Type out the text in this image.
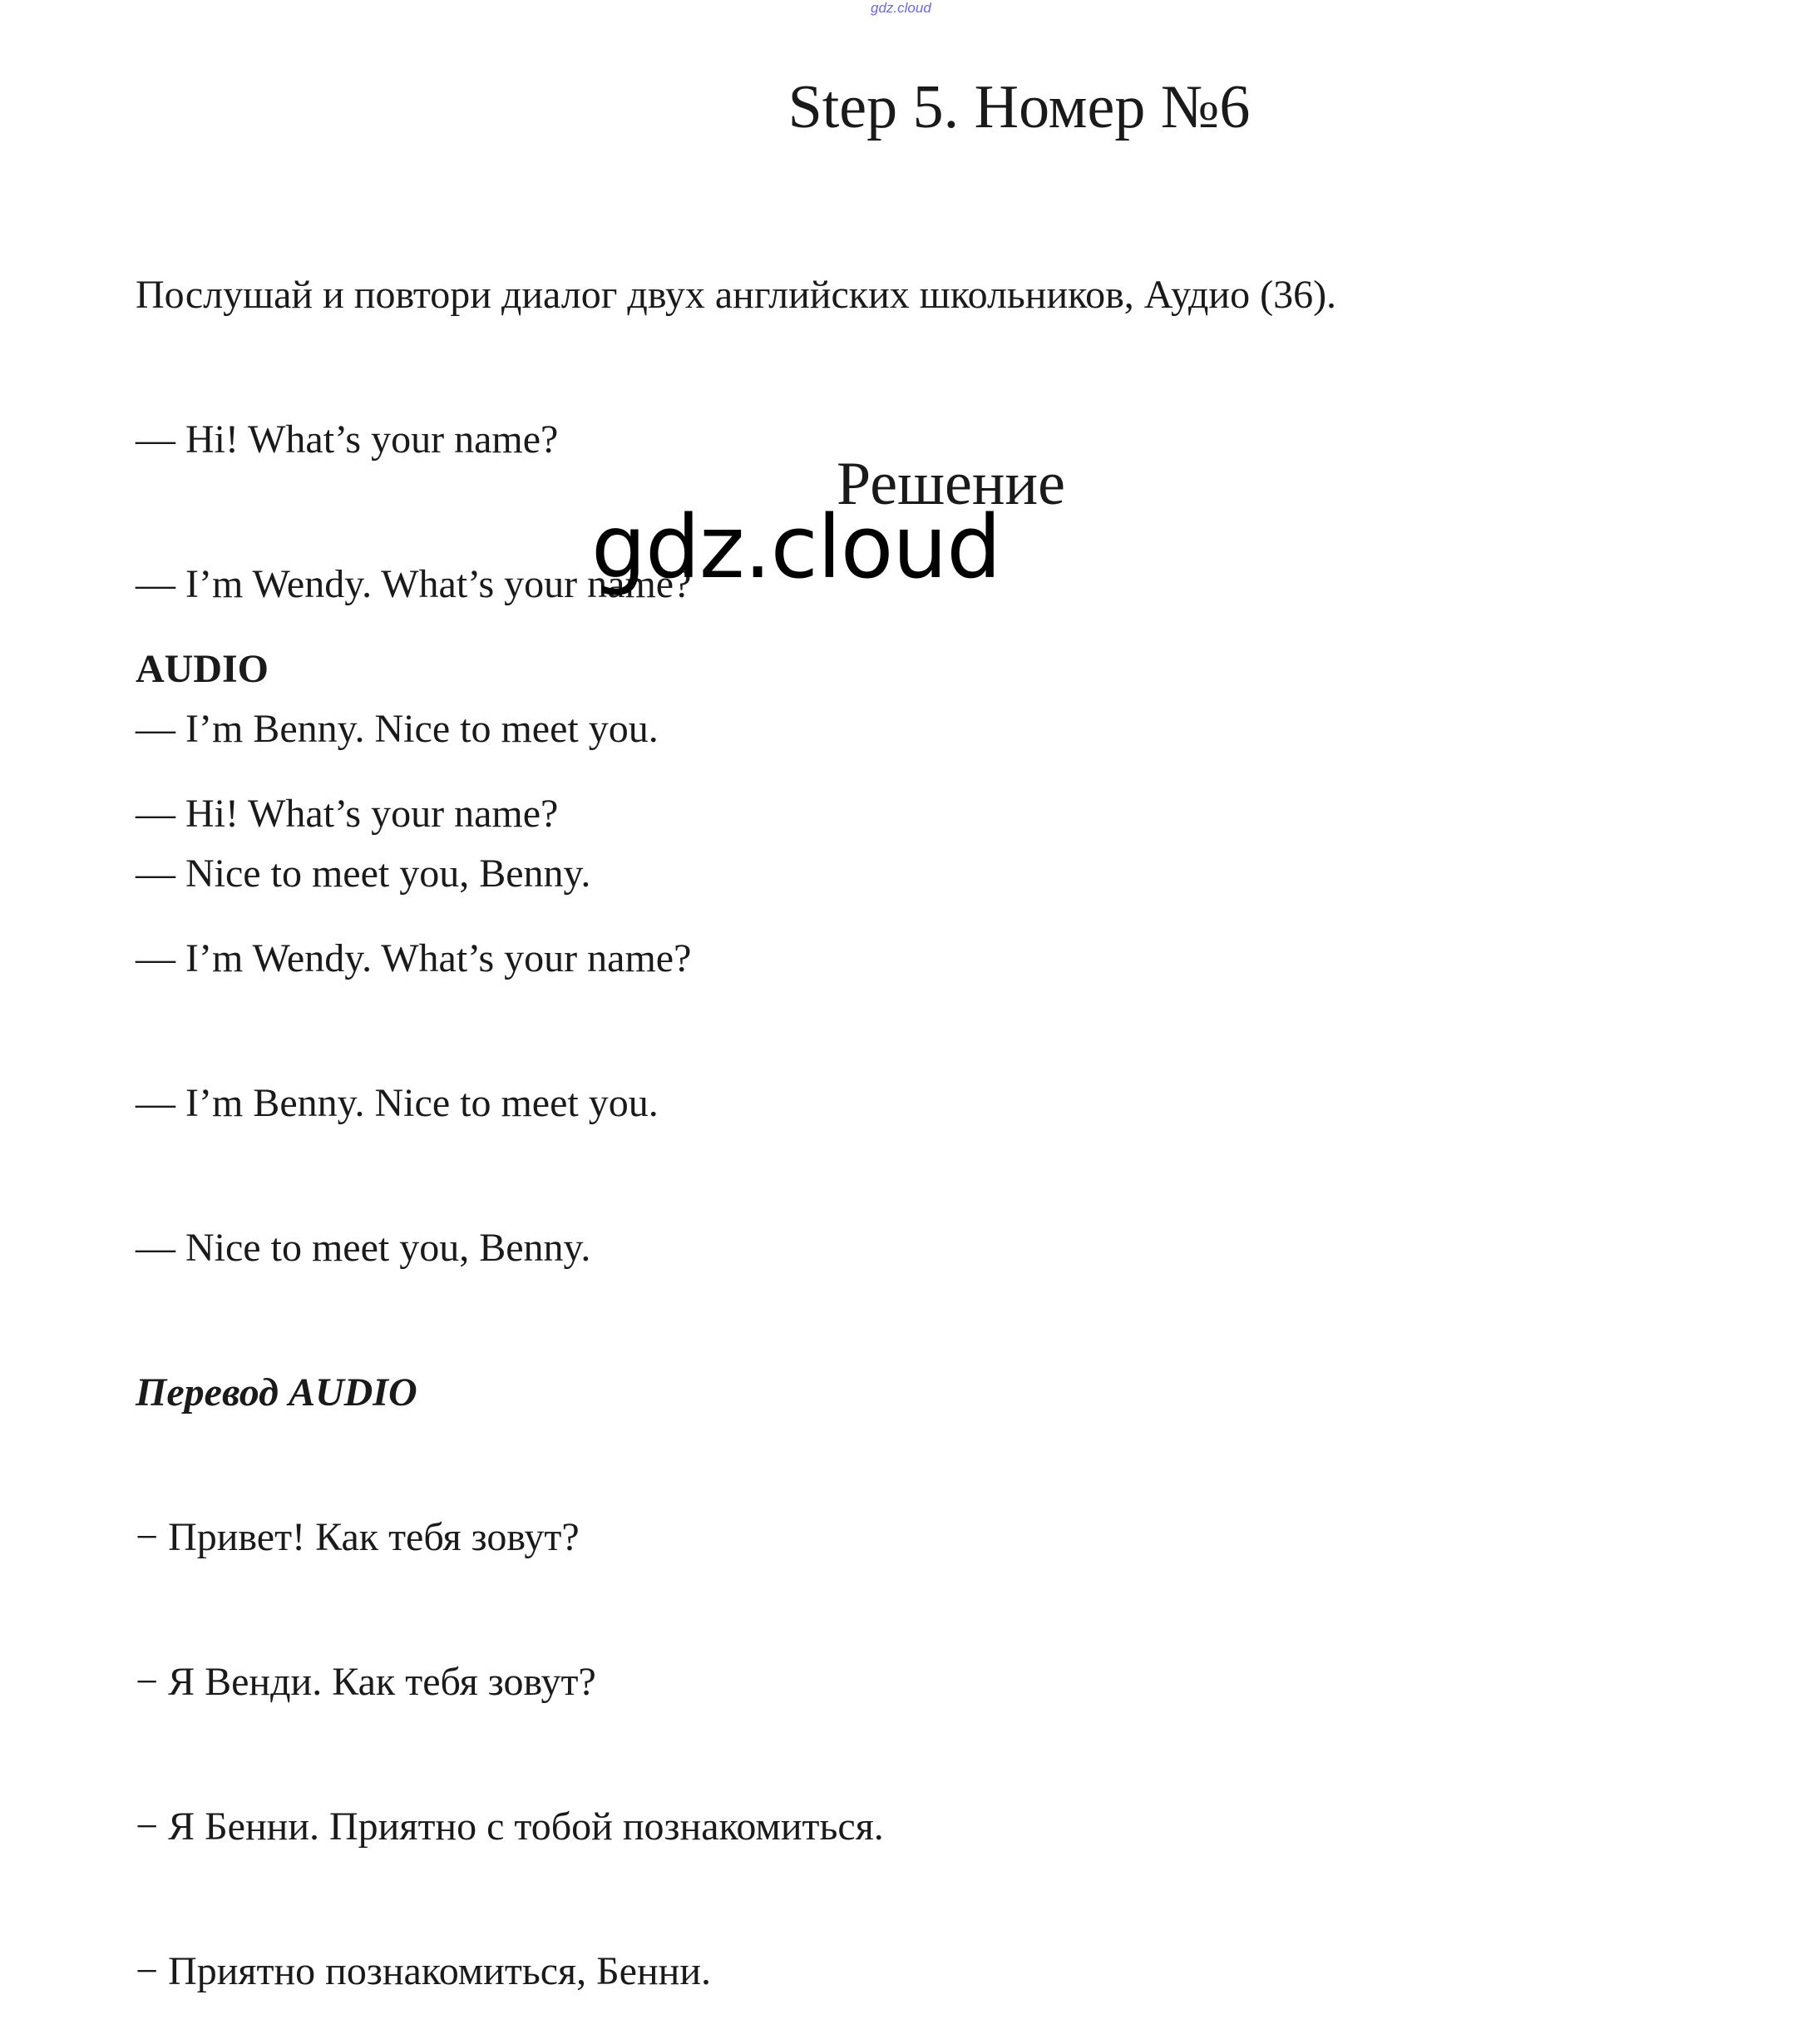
gdz.cloud
Step 5. Номер №6

Послушай и повтори диалог двух английских школьников, Аудио (36).

— Hi! What’s your name?

— I’m Wendy. What’s your name?

— I’m Benny. Nice to meet you.

— Nice to meet you, Benny.

Решение

AUDIO

— Hi! What’s your name?

— I’m Wendy. What’s your name?

— I’m Benny. Nice to meet you.

— Nice to meet you, Benny.

Перевод AUDIO

− Привет! Как тебя зовут?

− Я Венди. Как тебя зовут?

− Я Бенни. Приятно с тобой познакомиться.

− Приятно познакомиться, Бенни.

gdz.cloud
